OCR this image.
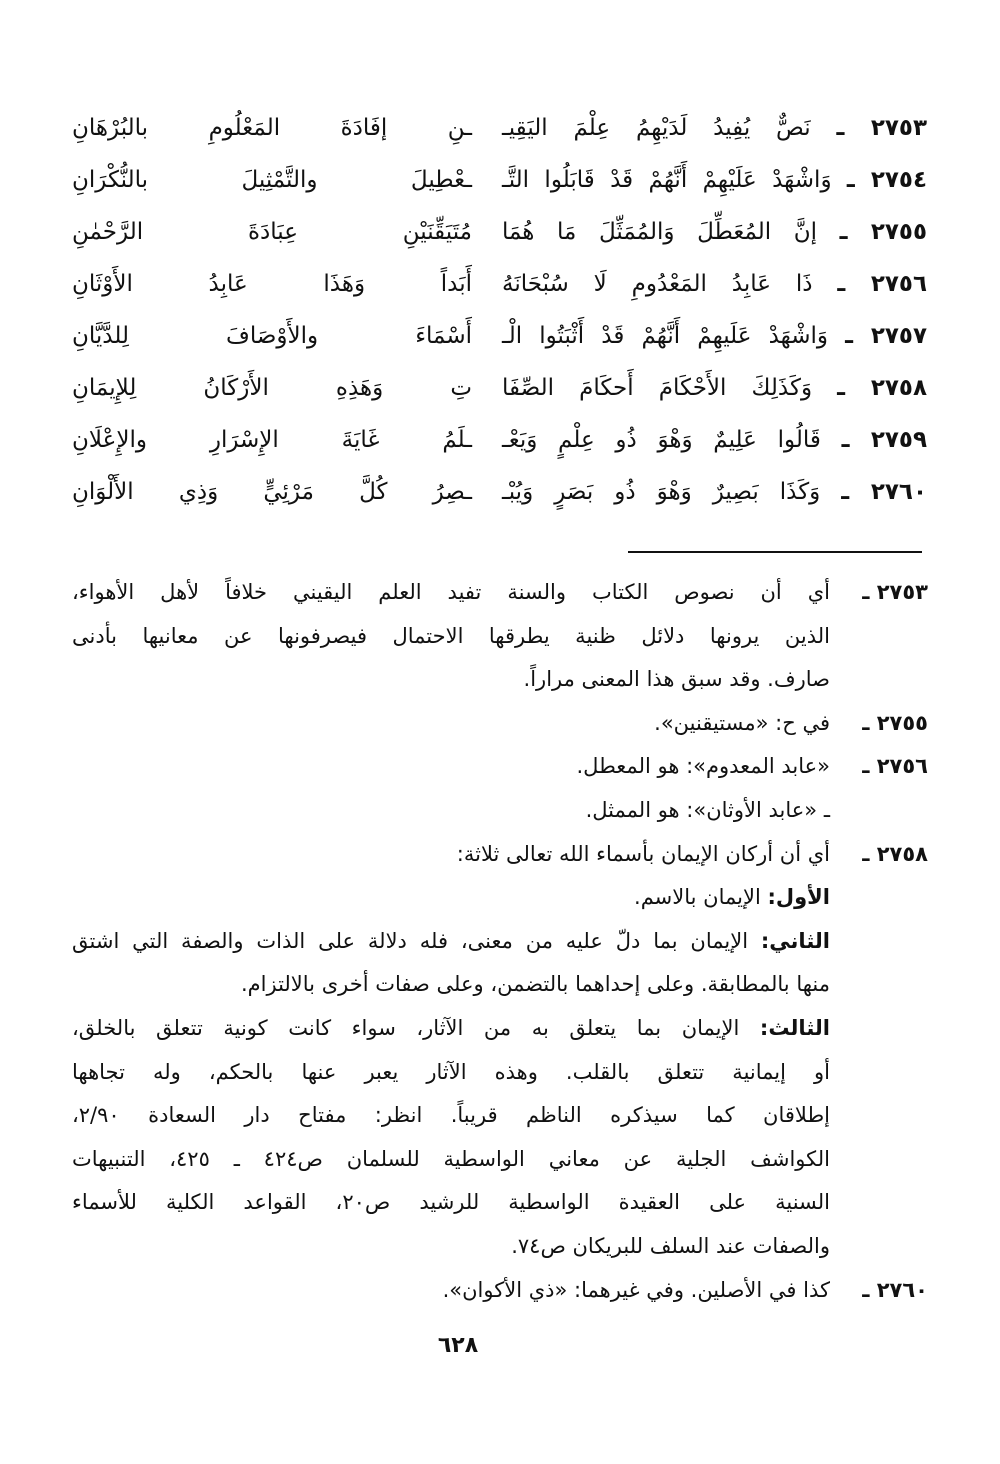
٢٧٥٣ ـ نَصٌّ يُفِيدُ لَدَيْهِمُ عِلْمَ اليَقِيـ
ـنِ إفَادَةَ المَعْلُومِ بالبُرْهَانِ
٢٧٥٤ ـ وَاشْهَدْ عَلَيْهِمْ أَنَّهُمْ قَدْ قَابَلُوا التَّـ
ـعْطِيلَ والتَّمْثِيلَ بالنُّكْرَانِ
٢٧٥٥ ـ إنَّ المُعَطِّلَ وَالمُمَثِّلَ مَا هُمَا
مُتَيَقِّنَيْنِ عِبَادَةَ الرَّحْمٰنِ
٢٧٥٦ ـ ذَا عَابِدُ المَعْدُومِ لَا سُبْحَانَهُ
أَبَداً وَهَذَا عَابِدُ الأَوْثَانِ
٢٧٥٧ ـ وَاشْهَدْ عَلَيهِمْ أَنَّهُمْ قَدْ أَثْبَتُوا الْـ
أَسْمَاءَ والأَوْصَافَ لِلدَّيَّانِ
٢٧٥٨ ـ وَكَذَلِكَ الأَحْكَامَ أَحكَامَ الصِّفَا
تِ وَهَذِهِ الأَرْكَانُ لِلإِيمَانِ
٢٧٥٩ ـ قَالُوا عَلِيمٌ وَهْوَ ذُو عِلْمٍ وَيَعْـ
ـلَمُ غَايَةَ الإِسْرَارِ والإِعْلَانِ
٢٧٦٠ ـ وَكَذَا بَصِيرٌ وَهْوَ ذُو بَصَرٍ وَيُبْـ
ـصِرُ كُلَّ مَرْئِيٍّ وَذِي الأَلْوَانِ
٢٧٥٣ ـ
أي أن نصوص الكتاب والسنة تفيد العلم اليقيني خلافاً لأهل الأهواء،
الذين يرونها دلائل ظنية يطرقها الاحتمال فيصرفونها عن معانيها بأدنى
صارف. وقد سبق هذا المعنى مراراً.
٢٧٥٥ ـ
في ح: «مستيقنين».
٢٧٥٦ ـ
«عابد المعدوم»: هو المعطل.
ـ «عابد الأوثان»: هو الممثل.
٢٧٥٨ ـ
أي أن أركان الإيمان بأسماء الله تعالى ثلاثة:
الأول: الإيمان بالاسم.
الثاني: الإيمان بما دلّ عليه من معنى، فله دلالة على الذات والصفة التي اشتق
منها بالمطابقة. وعلى إحداهما بالتضمن، وعلى صفات أخرى بالالتزام.
الثالث: الإيمان بما يتعلق به من الآثار، سواء كانت كونية تتعلق بالخلق،
أو إيمانية تتعلق بالقلب. وهذه الآثار يعبر عنها بالحكم، وله تجاهها
إطلاقان كما سيذكره الناظم قريباً. انظر: مفتاح دار السعادة ٢/٩٠،
الكواشف الجلية عن معاني الواسطية للسلمان ص٤٢٤ ـ ٤٢٥، التنبيهات
السنية على العقيدة الواسطية للرشيد ص٢٠، القواعد الكلية للأسماء
والصفات عند السلف للبريكان ص٧٤.
٢٧٦٠ ـ
كذا في الأصلين. وفي غيرهما: «ذي الأكوان».
٦٢٨
